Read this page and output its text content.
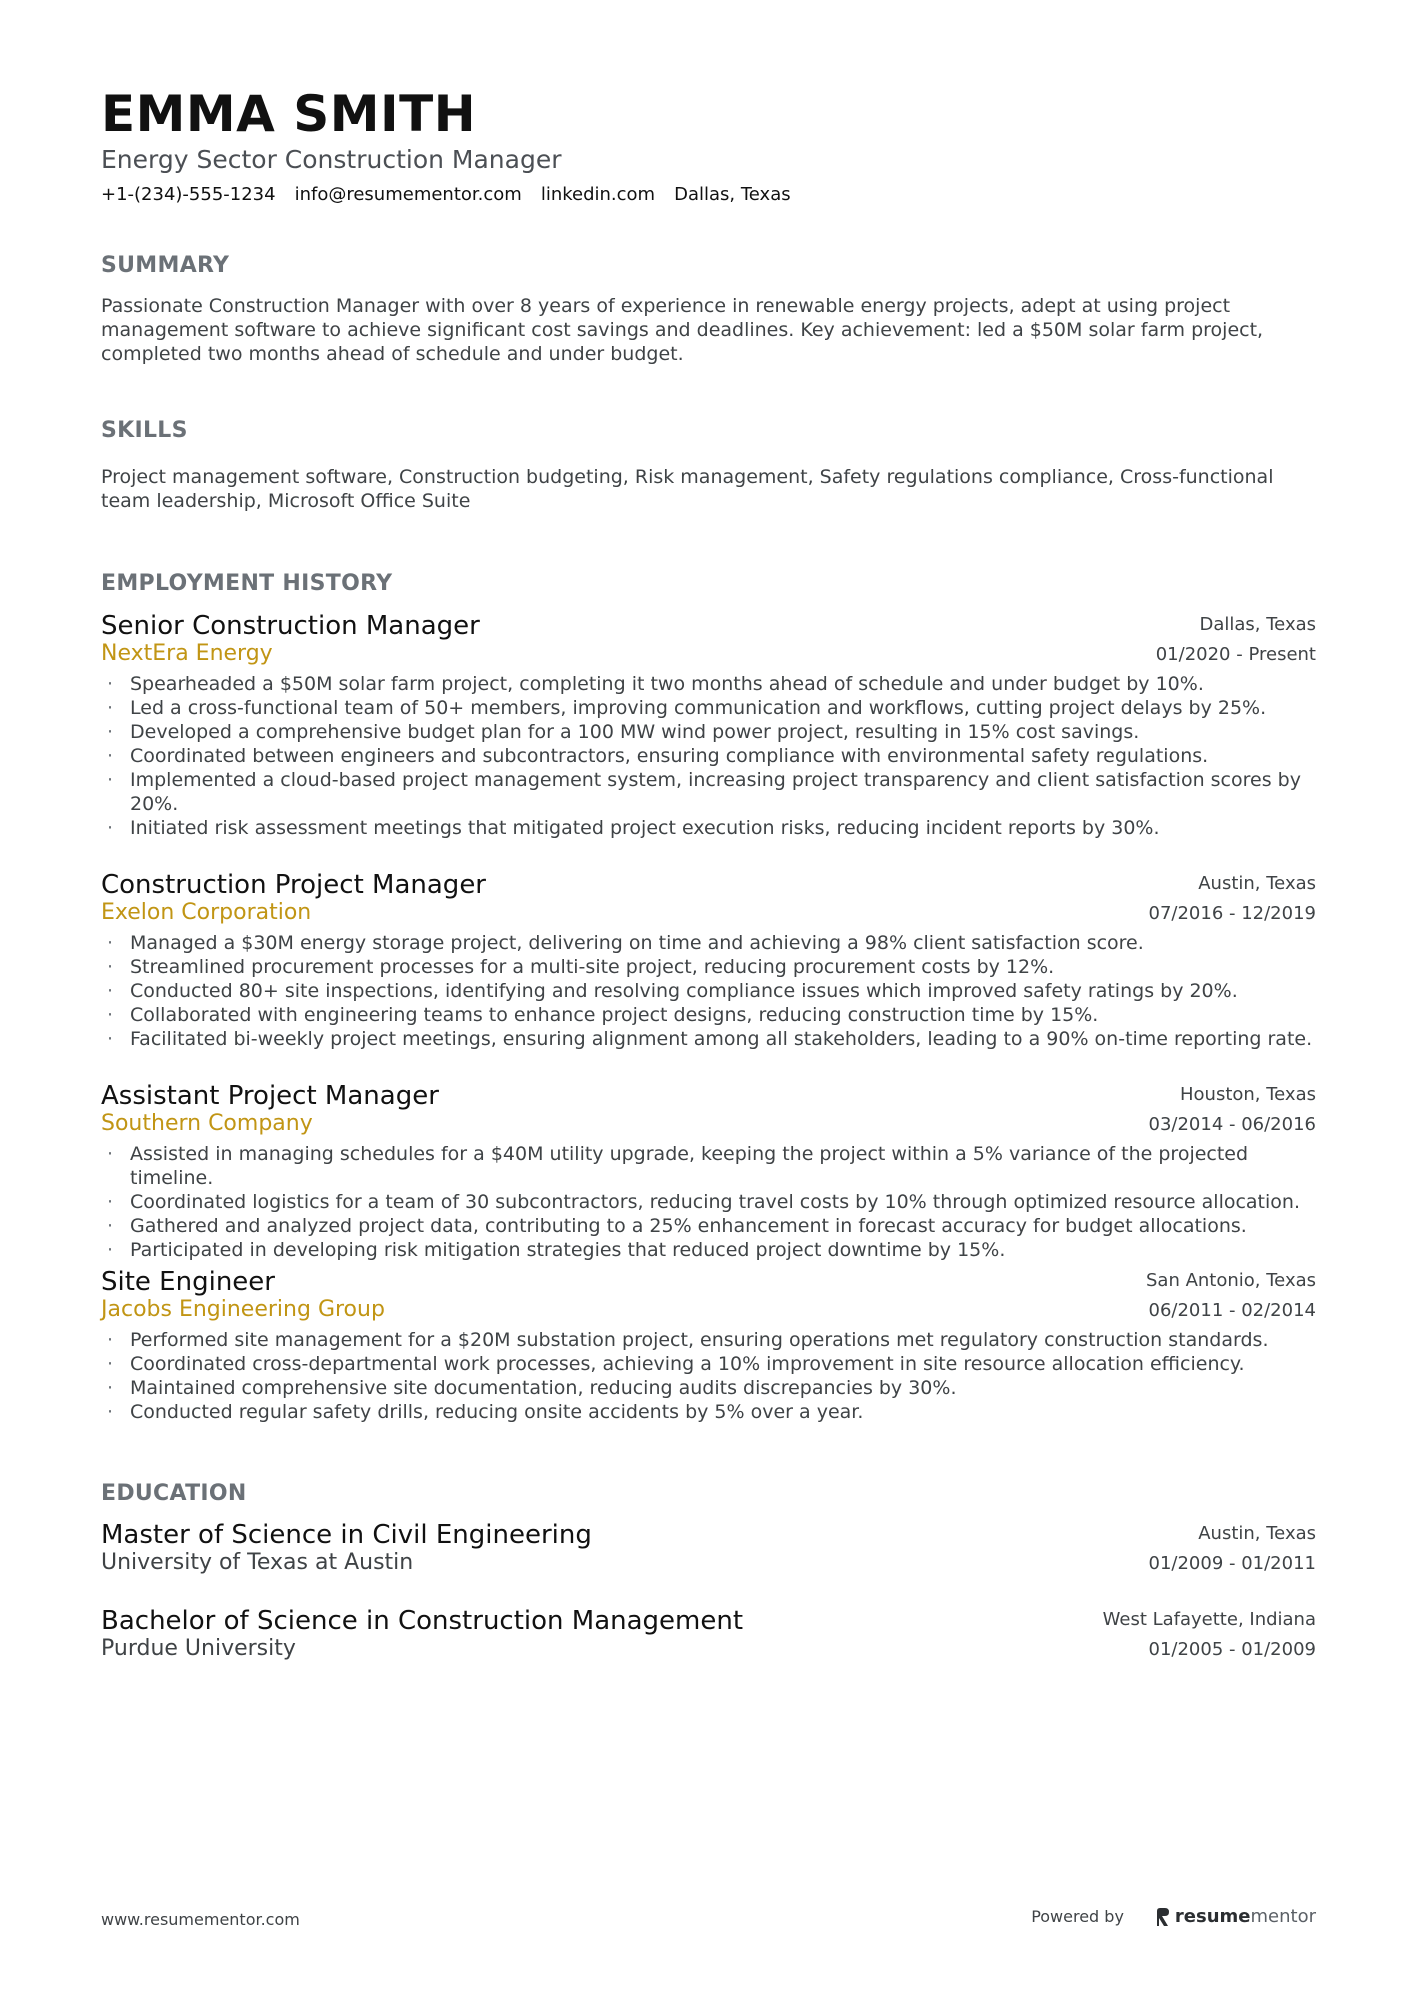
EMMA SMITH
Energy Sector Construction Manager
+1-(234)-555-1234 info@resumementor.com linkedin.com Dallas, Texas
SUMMARY
Passionate Construction Manager with over 8 years of experience in renewable energy projects, adept at using project management software to achieve significant cost savings and deadlines. Key achievement: led a $50M solar farm project, completed two months ahead of schedule and under budget.
SKILLS
Project management software, Construction budgeting, Risk management, Safety regulations compliance, Cross-functional team leadership, Microsoft Office Suite
EMPLOYMENT HISTORY
Senior Construction Manager
NextEra Energy
Dallas, Texas
01/2020 - Present
· Spearheaded a $50M solar farm project, completing it two months ahead of schedule and under budget by 10%.
· Led a cross-functional team of 50+ members, improving communication and workflows, cutting project delays by 25%.
· Developed a comprehensive budget plan for a 100 MW wind power project, resulting in 15% cost savings.
· Coordinated between engineers and subcontractors, ensuring compliance with environmental safety regulations.
· Implemented a cloud-based project management system, increasing project transparency and client satisfaction scores by 20%.
· Initiated risk assessment meetings that mitigated project execution risks, reducing incident reports by 30%.
Construction Project Manager
Exelon Corporation
Austin, Texas
07/2016 - 12/2019
· Managed a $30M energy storage project, delivering on time and achieving a 98% client satisfaction score.
· Streamlined procurement processes for a multi-site project, reducing procurement costs by 12%.
· Conducted 80+ site inspections, identifying and resolving compliance issues which improved safety ratings by 20%.
· Collaborated with engineering teams to enhance project designs, reducing construction time by 15%.
· Facilitated bi-weekly project meetings, ensuring alignment among all stakeholders, leading to a 90% on-time reporting rate.
Assistant Project Manager
Southern Company
Houston, Texas
03/2014 - 06/2016
· Assisted in managing schedules for a $40M utility upgrade, keeping the project within a 5% variance of the projected timeline.
· Coordinated logistics for a team of 30 subcontractors, reducing travel costs by 10% through optimized resource allocation.
· Gathered and analyzed project data, contributing to a 25% enhancement in forecast accuracy for budget allocations.
· Participated in developing risk mitigation strategies that reduced project downtime by 15%.
Site Engineer
Jacobs Engineering Group
San Antonio, Texas
06/2011 - 02/2014
· Performed site management for a $20M substation project, ensuring operations met regulatory construction standards.
· Coordinated cross-departmental work processes, achieving a 10% improvement in site resource allocation efficiency.
· Maintained comprehensive site documentation, reducing audits discrepancies by 30%.
· Conducted regular safety drills, reducing onsite accidents by 5% over a year.
EDUCATION
Master of Science in Civil Engineering
University of Texas at Austin
Austin, Texas
01/2009 - 01/2011
Bachelor of Science in Construction Management
Purdue University
West Lafayette, Indiana
01/2005 - 01/2009
www.resumementor.com	Powered by	resume mentor
